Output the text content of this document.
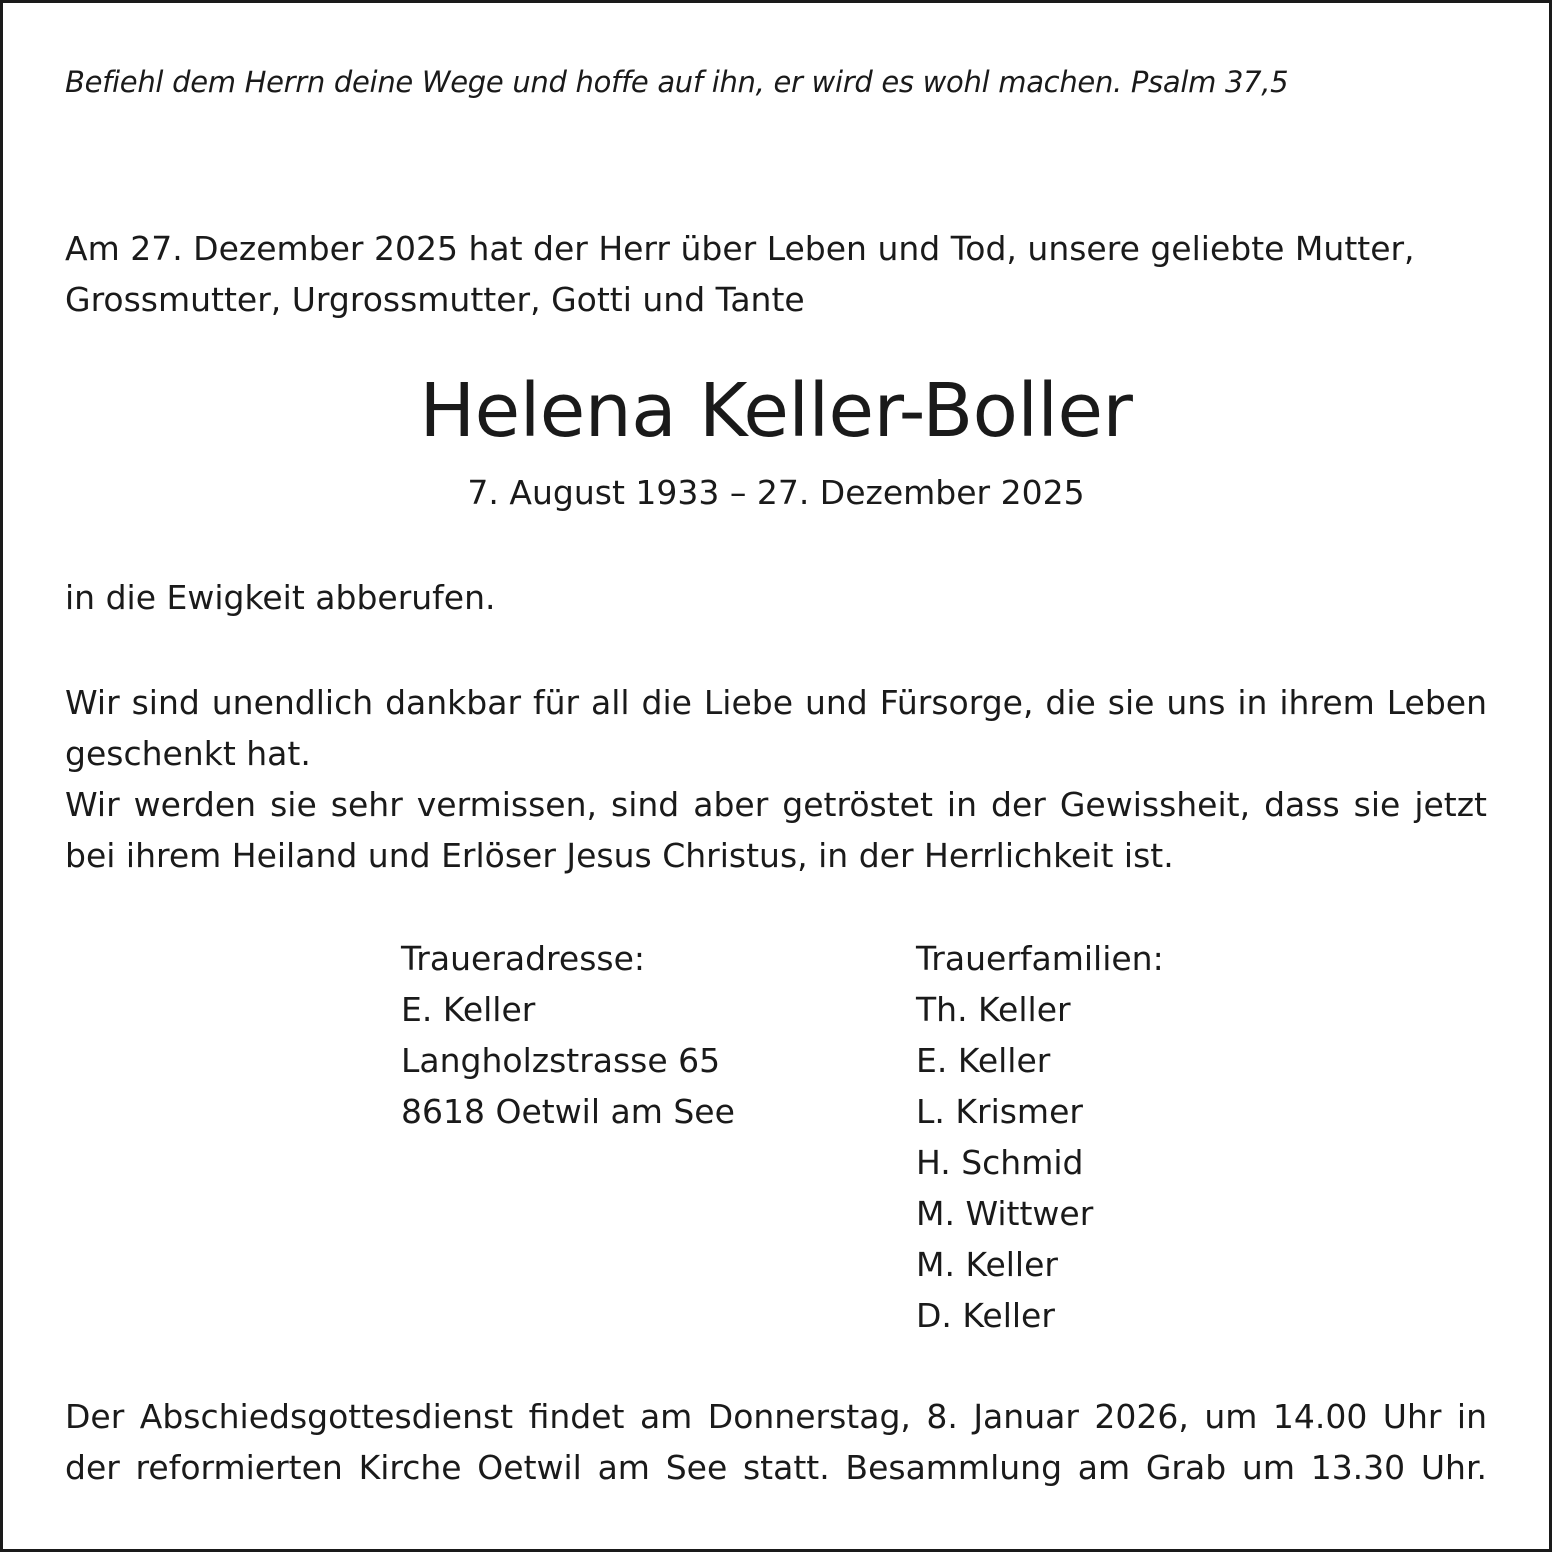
Befiehl dem Herrn deine Wege und hoffe auf ihn, er wird es wohl machen. Psalm 37,5
Am 27. Dezember 2025 hat der Herr über Leben und Tod, unsere geliebte Mutter,
Grossmutter, Urgrossmutter, Gotti und Tante
Helena Keller-Boller
7. August 1933 – 27. Dezember 2025
in die Ewigkeit abberufen.
Wir sind unendlich dankbar für all die Liebe und Fürsorge, die sie uns in ihrem Leben
geschenkt hat.
Wir werden sie sehr vermissen, sind aber getröstet in der Gewissheit, dass sie jetzt
bei ihrem Heiland und Erlöser Jesus Christus, in der Herrlichkeit ist.
Traueradresse:
E. Keller
Langholzstrasse 65
8618 Oetwil am See
Trauerfamilien:
Th. Keller
E. Keller
L. Krismer
H. Schmid
M. Wittwer
M. Keller
D. Keller
Der Abschiedsgottesdienst findet am Donnerstag, 8. Januar 2026, um 14.00 Uhr in
der reformierten Kirche Oetwil am See statt. Besammlung am Grab um 13.30 Uhr.
